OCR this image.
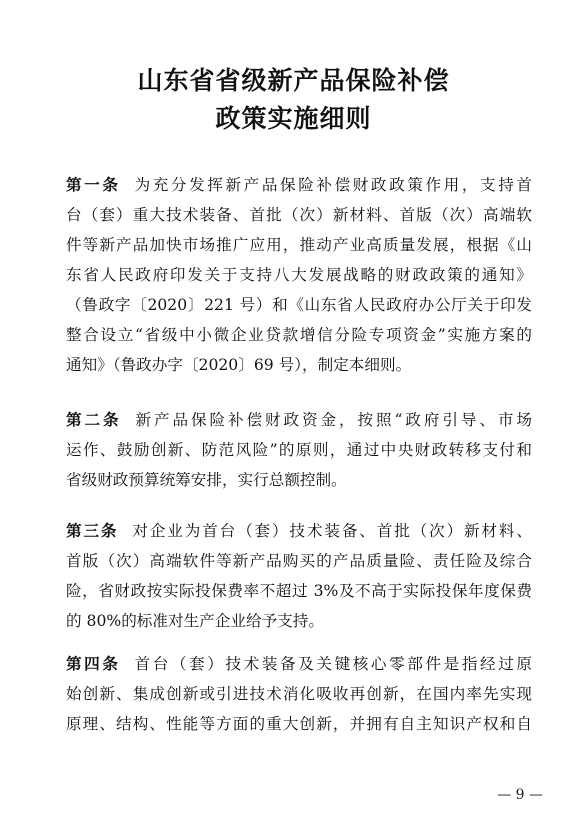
山东省省级新产品保险补偿
政策实施细则
第一条 为充分发挥新产品保险补偿财政政策作用，支持首
台（套）重大技术装备、首批（次）新材料、首版（次）高端软
件等新产品加快市场推广应用，推动产业高质量发展，根据《山
东省人民政府印发关于支持八大发展战略的财政政策的通知》
（鲁政字〔2020〕221 号）和《山东省人民政府办公厅关于印发
整合设立“省级中小微企业贷款增信分险专项资金”实施方案的
通知》（鲁政办字〔2020〕69 号），制定本细则。
第二条 新产品保险补偿财政资金，按照“政府引导、市场
运作、鼓励创新、防范风险”的原则，通过中央财政转移支付和
省级财政预算统筹安排，实行总额控制。
第三条 对企业为首台（套）技术装备、首批（次）新材料、
首版（次）高端软件等新产品购买的产品质量险、责任险及综合
险，省财政按实际投保费率不超过 3%及不高于实际投保年度保费
的 80%的标准对生产企业给予支持。
第四条 首台（套）技术装备及关键核心零部件是指经过原
始创新、集成创新或引进技术消化吸收再创新，在国内率先实现
原理、结构、性能等方面的重大创新，并拥有自主知识产权和自
— 9 —
